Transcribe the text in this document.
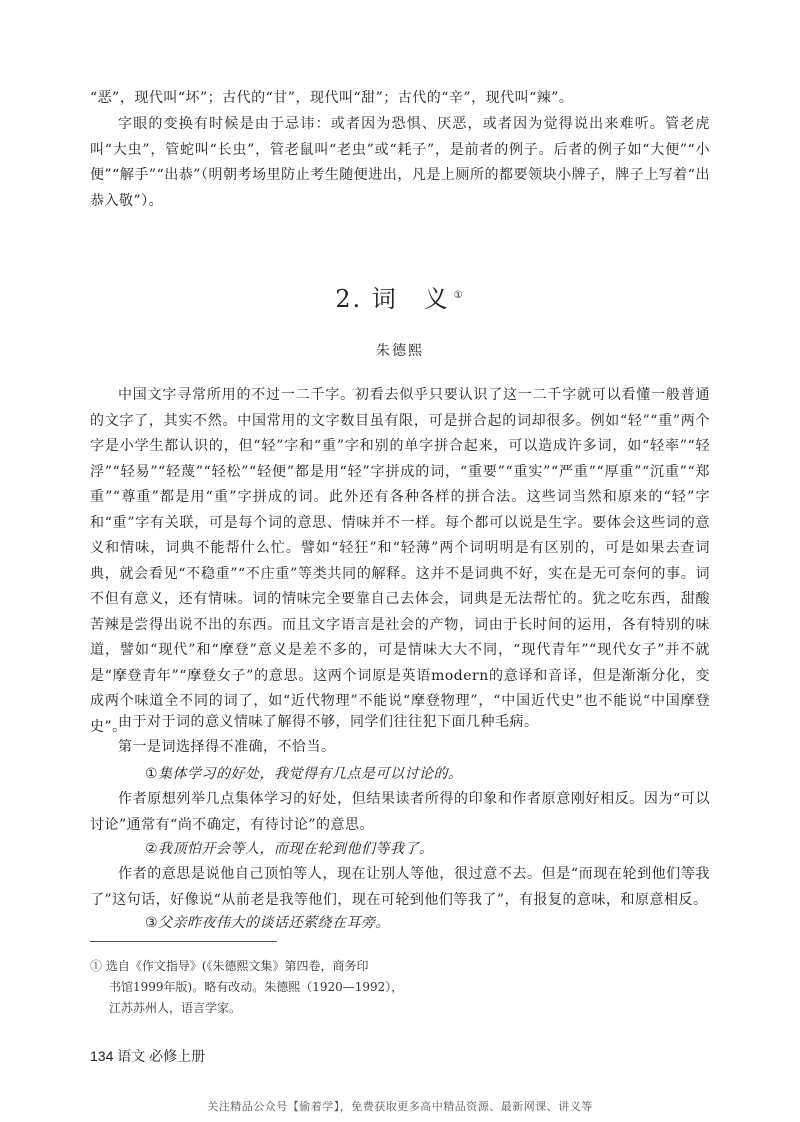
“恶”，现代叫“坏”；古代的“甘”，现代叫“甜”；古代的“辛”，现代叫“辣”。

字眼的变换有时候是由于忌讳：或者因为恐惧、厌恶，或者因为觉得说出来难听。管老虎叫“大虫”，管蛇叫“长虫”，管老鼠叫“老虫”或“耗子”，是前者的例子。后者的例子如“大便”“小便”“解手”“出恭”（明朝考场里防止考生随便进出，凡是上厕所的都要领块小牌子，牌子上写着“出恭入敬”）。

2. 词　义 ①
朱德熙

中国文字寻常所用的不过一二千字。初看去似乎只要认识了这一二千字就可以看懂一般普通的文字了，其实不然。中国常用的文字数目虽有限，可是拼合起的词却很多。例如“轻”“重”两个字是小学生都认识的，但“轻”字和“重”字和别的单字拼合起来，可以造成许多词，如“轻率”“轻浮”“轻易”“轻蔑”“轻松”“轻便”都是用“轻”字拼成的词，“重要”“重实”“严重”“厚重”“沉重”“郑重”“尊重”都是用“重”字拼成的词。此外还有各种各样的拼合法。这些词当然和原来的“轻”字和“重”字有关联，可是每个词的意思、情味并不一样。每个都可以说是生字。要体会这些词的意义和情味，词典不能帮什么忙。譬如“轻狂”和“轻薄”两个词明明是有区别的，可是如果去查词典，就会看见“不稳重”“不庄重”等类共同的解释。这并不是词典不好，实在是无可奈何的事。词不但有意义，还有情味。词的情味完全要靠自己去体会，词典是无法帮忙的。犹之吃东西，甜酸苦辣是尝得出说不出的东西。而且文字语言是社会的产物，词由于长时间的运用，各有特别的味道，譬如“现代”和“摩登”意义是差不多的，可是情味大大不同，“现代青年”“现代女子”并不就是“摩登青年”“摩登女子”的意思。这两个词原是英语modern的意译和音译，但是渐渐分化，变成两个味道全不同的词了，如“近代物理”不能说“摩登物理”，“中国近代史”也不能说“中国摩登史”。

由于对于词的意义情味了解得不够，同学们往往犯下面几种毛病。

第一是词选择得不准确，不恰当。

①集体学习的好处，我觉得有几点是可以讨论的。

作者原想列举几点集体学习的好处，但结果读者所得的印象和作者原意刚好相反。因为“可以讨论”通常有“尚不确定，有待讨论”的意思。

②我顶怕开会等人，而现在轮到他们等我了。

作者的意思是说他自己顶怕等人，现在让别人等他，很过意不去。但是“而现在轮到他们等我了”这句话，好像说“从前老是我等他们，现在可轮到他们等我了”，有报复的意味，和原意相反。

③父亲昨夜伟大的谈话还萦绕在耳旁。
① 选自《作文指导》(《朱德熙文集》第四卷，商务印
书馆1999年版)。略有改动。朱德熙（1920—1992），
江苏苏州人，语言学家。
134 语文 必修上册
关注精品公众号【偷着学】，免费获取更多高中精品资源、最新网课、讲义等
